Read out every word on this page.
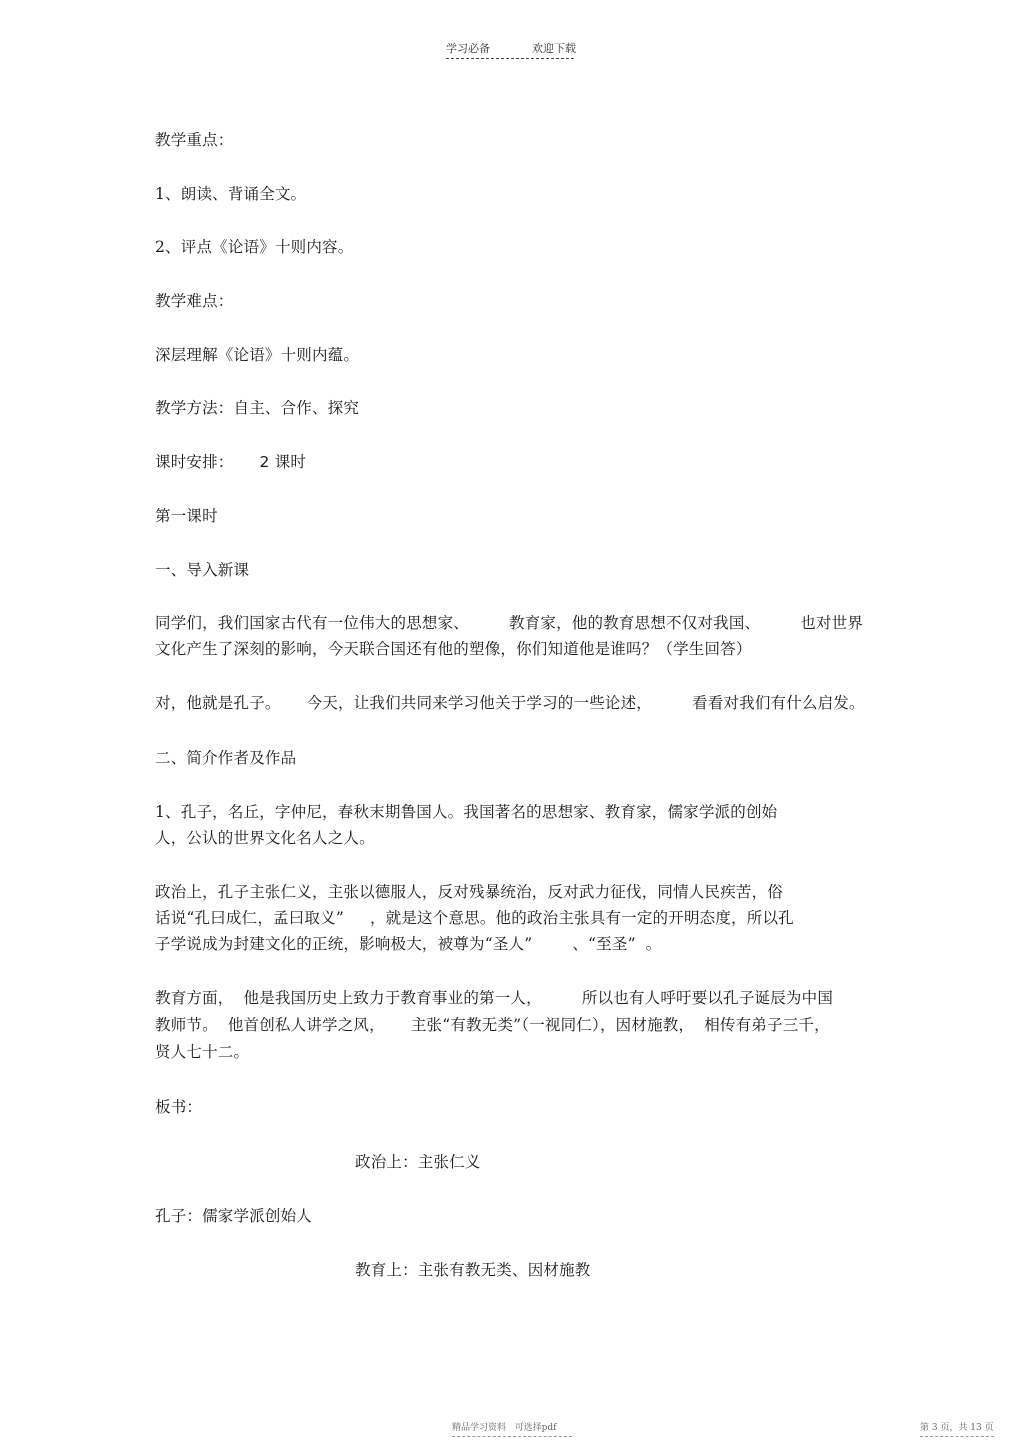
学习必备	欢迎下载
教学重点：
1、朗读、背诵全文。
2、评点《论语》十则内容。
教学难点：
深层理解《论语》十则内蕴。
教学方法：自主、合作、探究
课时安排： 2 课时
第一课时
一、导入新课
同学们，我们国家古代有一位伟大的思想家、	教育家，他的教育思想不仅对我国、	也对世界
文化产生了深刻的影响，今天联合国还有他的塑像，你们知道他是谁吗？（学生回答）
对，他就是孔子。 今天，让我们共同来学习他关于学习的一些论述，	看看对我们有什么启发。
二、简介作者及作品
1、孔子，名丘，字仲尼，春秋末期鲁国人。我国著名的思想家、教育家，儒家学派的创始
人，公认的世界文化名人之人。
政治上，孔子主张仁义，主张以德服人，反对残暴统治，反对武力征伐，同情人民疾苦，俗
话说“孔曰成仁，孟曰取义” ，就是这个意思。他的政治主张具有一定的开明态度，所以孔
子学说成为封建文化的正统，影响极大，被尊为“圣人”	、“至圣” 。
教育方面， 他是我国历史上致力于教育事业的第一人，	所以也有人呼吁要以孔子诞辰为中国
教师节。 他首创私人讲学之风， 主张“有教无类”（一视同仁），因材施教， 相传有弟子三千，
贤人七十二。
板书：
政治上：主张仁义
孔子：儒家学派创始人
教育上：主张有教无类、因材施教
精品学习资料 可选择pdf	第 3 页，共 13 页
